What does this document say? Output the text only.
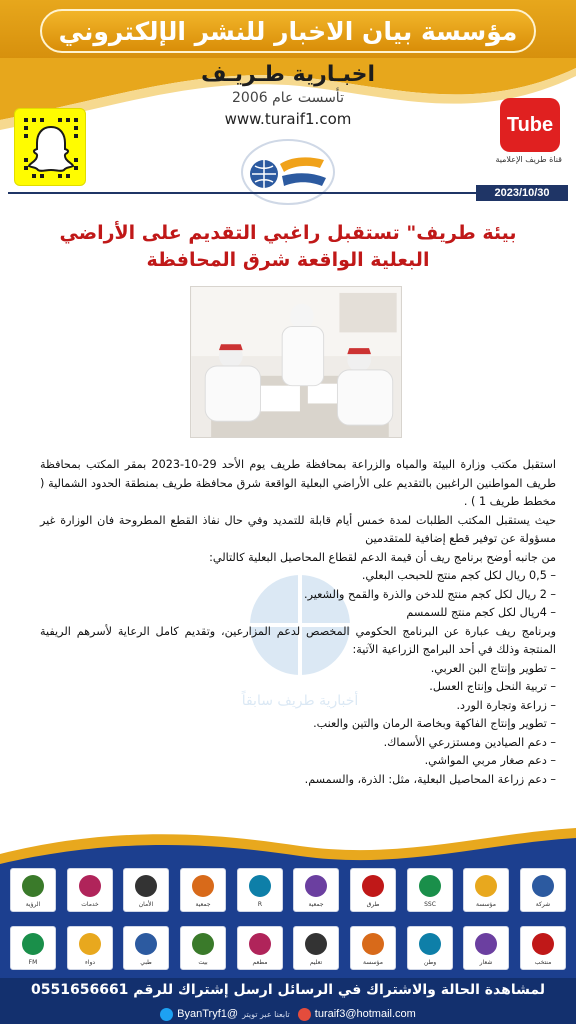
مؤسسة بيان الاخبار للنشر الإلكتروني
اخبـارية طـريـف
تأسست عام 2006
www.turaif1.com	Tube
قناة طريف الإعلامية
2023/10/30
بيئة طريف" تستقبل راغبي التقديم على الأراضي البعلية الواقعة شرق المحافظة
أخبارية طريف سابقاً

استقبل مكتب وزارة البيئة والمياه والزراعة بمحافظة طريف يوم الأحد 29-10-2023 بمقر المكتب بمحافظة طريف المواطنين الراغبين بالتقديم على الأراضي البعلية الواقعة شرق محافظة طريف بمنطقة الحدود الشمالية ( مخطط طريف 1 ) .

حيث يستقبل المكتب الطلبات لمدة خمس أيام قابلة للتمديد وفي حال نفاذ القطع المطروحة فان الوزارة غير مسؤولة عن توفير قطع إضافية للمتقدمين

من جانبه أوضح برنامج ريف أن قيمة الدعم لقطاع المحاصيل البعلية كالتالي:

– 0,5 ريال لكل كجم منتج للحبحب البعلي.

– 2 ريال لكل كجم منتج للدخن والذرة والقمح والشعير.

– 4ريال لكل كجم منتج للسمسم

وبرنامج ريف عبارة عن البرنامج الحكومي المخصص لدعم المزارعين، وتقديم كامل الرعاية لأسرهم الريفية المنتجة وذلك في أحد البرامج الزراعية الآتية:

– تطوير وإنتاج البن العربي.

– تربية النحل وإنتاج العسل.

– زراعة وتجارة الورد.

– تطوير وإنتاج الفاكهة وبخاصة الرمان والتين والعنب.

– دعم الصيادين ومستزرعي الأسماك.

– دعم صغار مربي المواشي.

– دعم زراعة المحاصيل البعلية، مثل: الذرة، والسمسم.

شركة
مؤسسة
SSC
طرق
جمعية
R
جمعية
الأمان
خدمات
الرؤية
منتخب
شعار
وطن
مؤسسة
تعليم
مطعم
بيت
طبي
دواء
FM
لمشاهدة الحالة والاشتراك في الرسائل ارسل إشتراك للرقم 0551656661
ByanTryf1@ تابعنا عبر تويتر turaif3@hotmail.com
